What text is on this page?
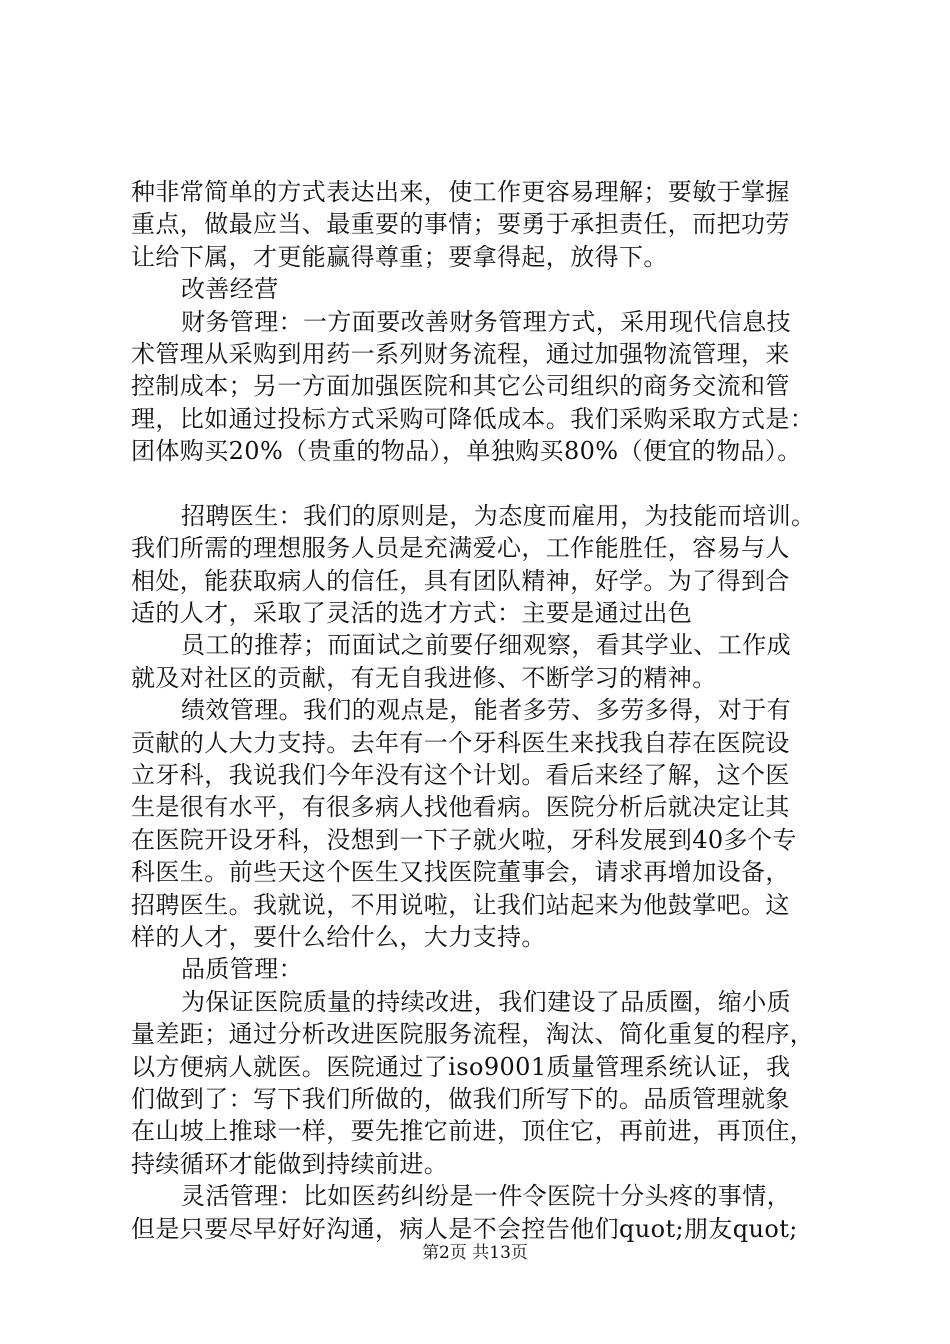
种非常简单的方式表达出来，使工作更容易理解；要敏于掌握
重点，做最应当、最重要的事情；要勇于承担责任，而把功劳
让给下属，才更能赢得尊重；要拿得起，放得下。
改善经营
财务管理：一方面要改善财务管理方式，采用现代信息技
术管理从采购到用药一系列财务流程，通过加强物流管理，来
控制成本；另一方面加强医院和其它公司组织的商务交流和管
理，比如通过投标方式采购可降低成本。我们采购采取方式是：
团体购买20%（贵重的物品），单独购买80%（便宜的物品）。
招聘医生：我们的原则是，为态度而雇用，为技能而培训。
我们所需的理想服务人员是充满爱心，工作能胜任，容易与人
相处，能获取病人的信任，具有团队精神，好学。为了得到合
适的人才，采取了灵活的选才方式：主要是通过出色
员工的推荐；而面试之前要仔细观察，看其学业、工作成
就及对社区的贡献，有无自我进修、不断学习的精神。
绩效管理。我们的观点是，能者多劳、多劳多得，对于有
贡献的人大力支持。去年有一个牙科医生来找我自荐在医院设
立牙科，我说我们今年没有这个计划。看后来经了解，这个医
生是很有水平，有很多病人找他看病。医院分析后就决定让其
在医院开设牙科，没想到一下子就火啦，牙科发展到40多个专
科医生。前些天这个医生又找医院董事会，请求再增加设备，
招聘医生。我就说，不用说啦，让我们站起来为他鼓掌吧。这
样的人才，要什么给什么，大力支持。
品质管理：
为保证医院质量的持续改进，我们建设了品质圈，缩小质
量差距；通过分析改进医院服务流程，淘汰、简化重复的程序，
以方便病人就医。医院通过了iso9001质量管理系统认证，我
们做到了：写下我们所做的，做我们所写下的。品质管理就象
在山坡上推球一样，要先推它前进，顶住它，再前进，再顶住，
持续循环才能做到持续前进。
灵活管理：比如医药纠纷是一件令医院十分头疼的事情，
但是只要尽早好好沟通，病人是不会控告他们quot;朋友quot;
第2页 共13页
